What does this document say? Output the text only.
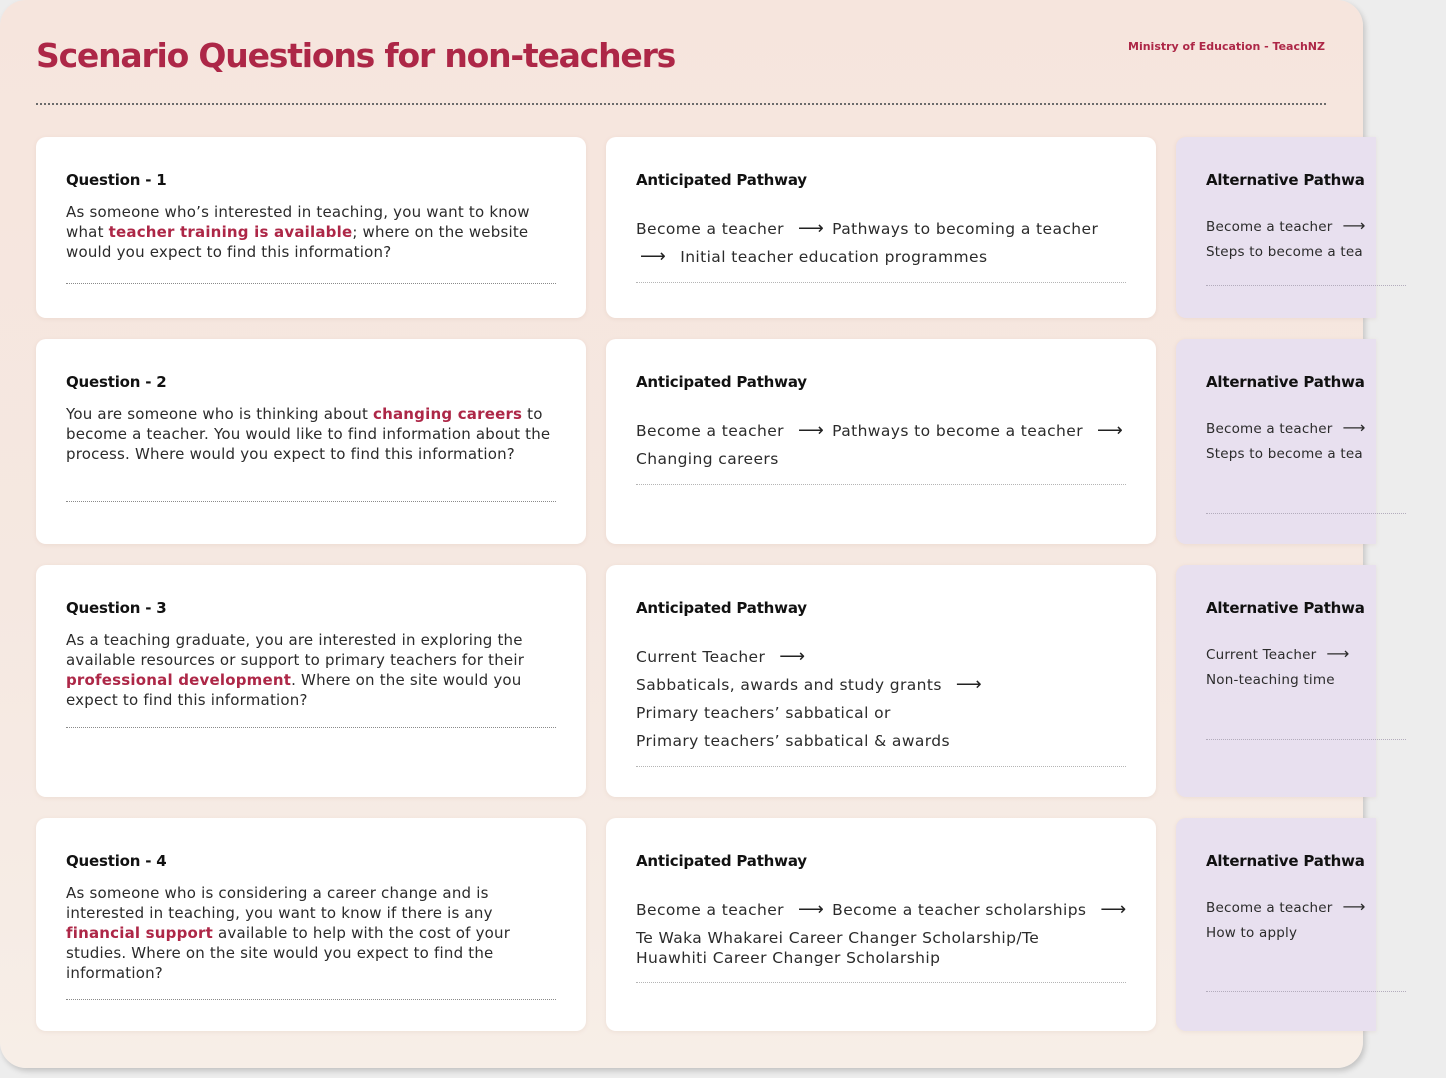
Scenario Questions for non-teachers	Ministry of Education - TeachNZ
Question - 1
As someone who’s interested in teaching, you want to know what teacher training is available; where on the website would you expect to find this information?
Anticipated Pathway
Become a teacher ⟶ Pathways to becoming a teacher
⟶ Initial teacher education programmes
Alternative Pathwa
Become a teacher ⟶
Steps to become a tea
Question - 2
You are someone who is thinking about changing careers to become a teacher. You would like to find information about the process. Where would you expect to find this information?
Anticipated Pathway
Become a teacher ⟶ Pathways to become a teacher ⟶
Changing careers
Alternative Pathwa
Become a teacher ⟶
Steps to become a tea
Question - 3
As a teaching graduate, you are interested in exploring the available resources or support to primary teachers for their professional development. Where on the site would you expect to find this information?
Anticipated Pathway
Current Teacher ⟶
Sabbaticals, awards and study grants ⟶
Primary teachers’ sabbatical or
Primary teachers’ sabbatical & awards
Alternative Pathwa
Current Teacher ⟶
Non-teaching time
Question - 4
As someone who is considering a career change and is interested in teaching, you want to know if there is any financial support available to help with the cost of your studies. Where on the site would you expect to find the information?
Anticipated Pathway
Become a teacher ⟶ Become a teacher scholarships ⟶
Te Waka Whakarei Career Changer Scholarship/Te Huawhiti Career Changer Scholarship
Alternative Pathwa
Become a teacher ⟶
How to apply
